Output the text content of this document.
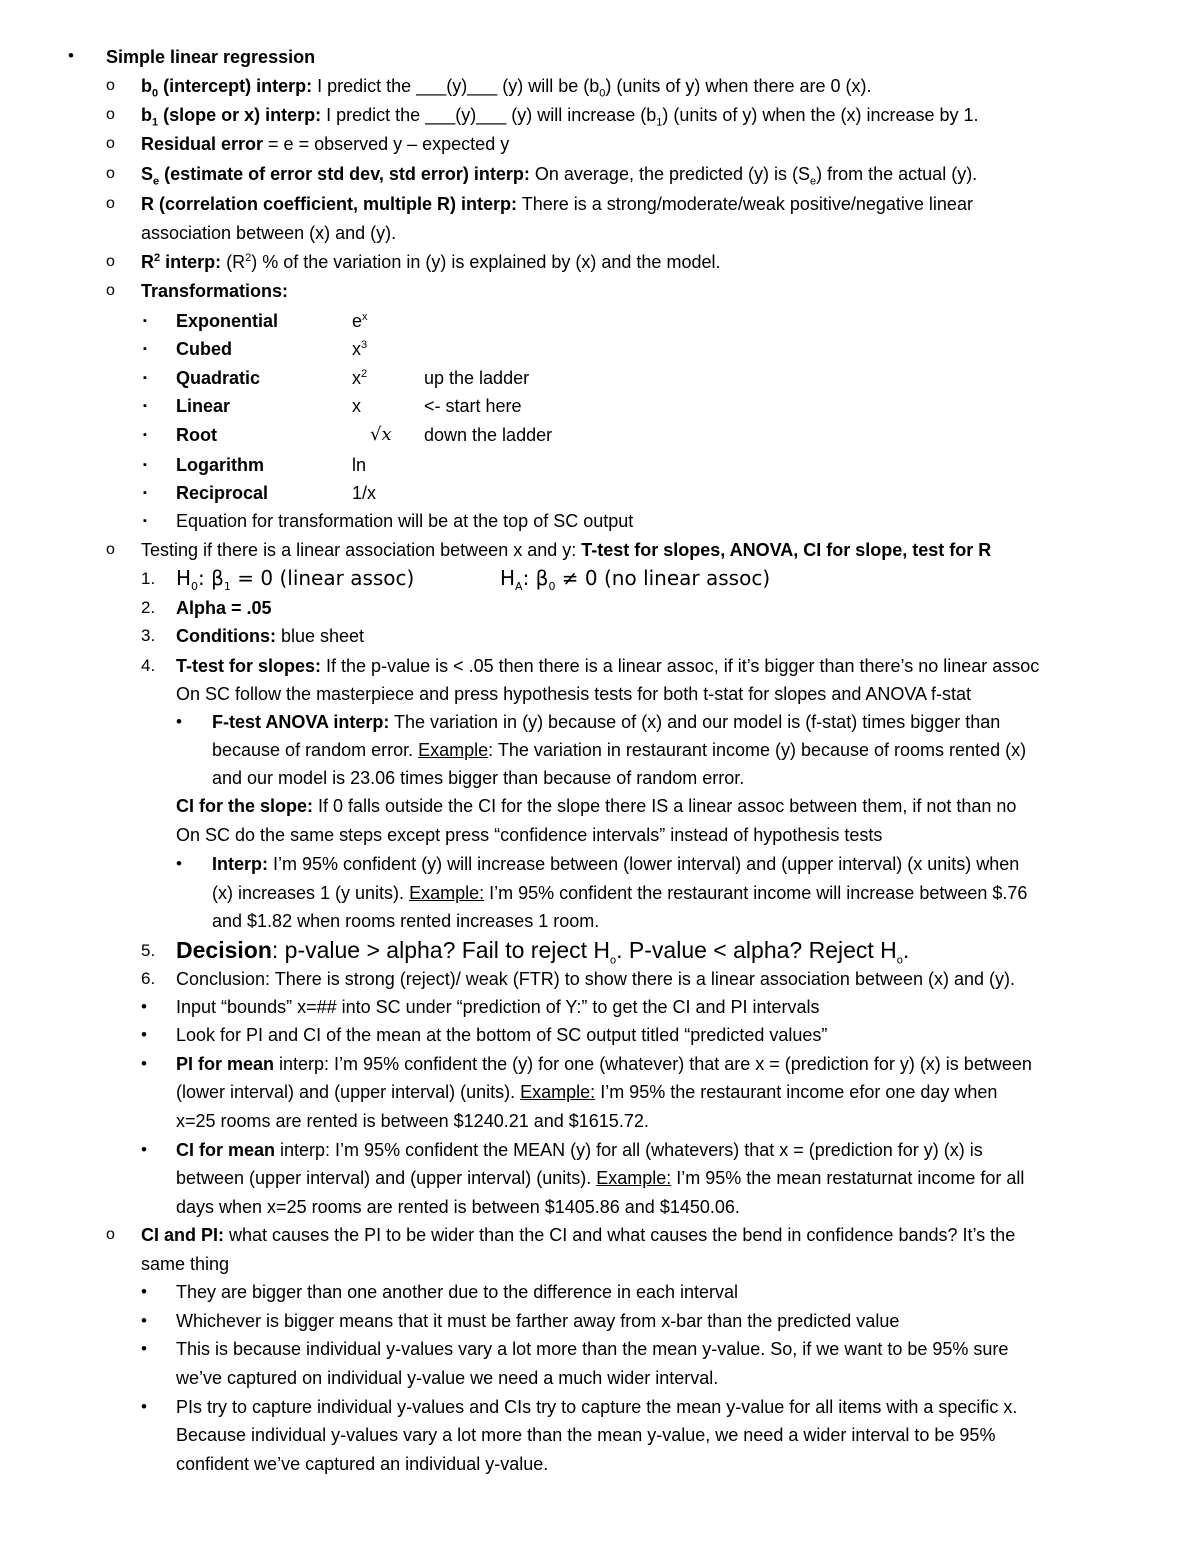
• Simple linear regression
o $b_0$ (intercept) interp: I predict the ___(y)___ (y) will be $(b_0)$ (units of y) when there are 0 (x).
o $b_1$ (slope or x) interp: I predict the ___(y)___ (y) will increase $(b_1)$ (units of y) when the (x) increase by 1.
o Residual error = e = observed y – expected y
o $S_e$ (estimate of error std dev, std error) interp: On average, the predicted (y) is $(S_e)$ from the actual (y).
o R (correlation coefficient, multiple R) interp: There is a strong/moderate/weak positive/negative linear
association between (x) and (y).
o $R^2$ interp: $(R^2)$ % of the variation in (y) is explained by (x) and the model.
o Transformations:
▪ Exponential	$e^x$
▪ Cubed	$x^3$
▪ Quadratic	$x^2$	up the ladder
▪ Linear	x	<- start here
▪ Root	√x down the ladder
▪ Logarithm	ln
▪ Reciprocal	1/x
▪ Equation for transformation will be at the top of SC output
o Testing if there is a linear association between x and y: T-test for slopes, ANOVA, CI for slope, test for R
1. $H_0$: $\beta_1 = 0$ (linear assoc)	$H_A$: $\beta_0 \ne 0$ (no linear assoc)
2. Alpha = .05
3. Conditions: blue sheet
4. T-test for slopes: If the p-value is < .05 then there is a linear assoc, if it’s bigger than there’s no linear assoc
On SC follow the masterpiece and press hypothesis tests for both t-stat for slopes and ANOVA f-stat
• F-test ANOVA interp: The variation in (y) because of (x) and our model is (f-stat) times bigger than
because of random error. Example: The variation in restaurant income (y) because of rooms rented (x)
and our model is 23.06 times bigger than because of random error.
CI for the slope: If 0 falls outside the CI for the slope there IS a linear assoc between them, if not than no
On SC do the same steps except press “confidence intervals” instead of hypothesis tests
• Interp: I’m 95% confident (y) will increase between (lower interval) and (upper interval) (x units) when
(x) increases 1 (y units). Example: I’m 95% confident the restaurant income will increase between $.76
and $1.82 when rooms rented increases 1 room.
5. Decision: p-value > alpha? Fail to reject $H_o$. P-value < alpha? Reject $H_o$.
6. Conclusion: There is strong (reject)/ weak (FTR) to show there is a linear association between (x) and (y).
• Input “bounds” x=## into SC under “prediction of Y:” to get the CI and PI intervals
• Look for PI and CI of the mean at the bottom of SC output titled “predicted values”
• PI for mean interp: I’m 95% confident the (y) for one (whatever) that are x = (prediction for y) (x) is between
(lower interval) and (upper interval) (units). Example: I’m 95% the restaurant income efor one day when
x=25 rooms are rented is between $1240.21 and $1615.72.
• CI for mean interp: I’m 95% confident the MEAN (y) for all (whatevers) that x = (prediction for y) (x) is
between (upper interval) and (upper interval) (units). Example: I’m 95% the mean restaturnat income for all
days when x=25 rooms are rented is between $1405.86 and $1450.06.
o CI and PI: what causes the PI to be wider than the CI and what causes the bend in confidence bands? It’s the
same thing
• They are bigger than one another due to the difference in each interval
• Whichever is bigger means that it must be farther away from x-bar than the predicted value
• This is because individual y-values vary a lot more than the mean y-value. So, if we want to be 95% sure
we’ve captured on individual y-value we need a much wider interval.
• PIs try to capture individual y-values and CIs try to capture the mean y-value for all items with a specific x.
Because individual y-values vary a lot more than the mean y-value, we need a wider interval to be 95%
confident we’ve captured an individual y-value.
